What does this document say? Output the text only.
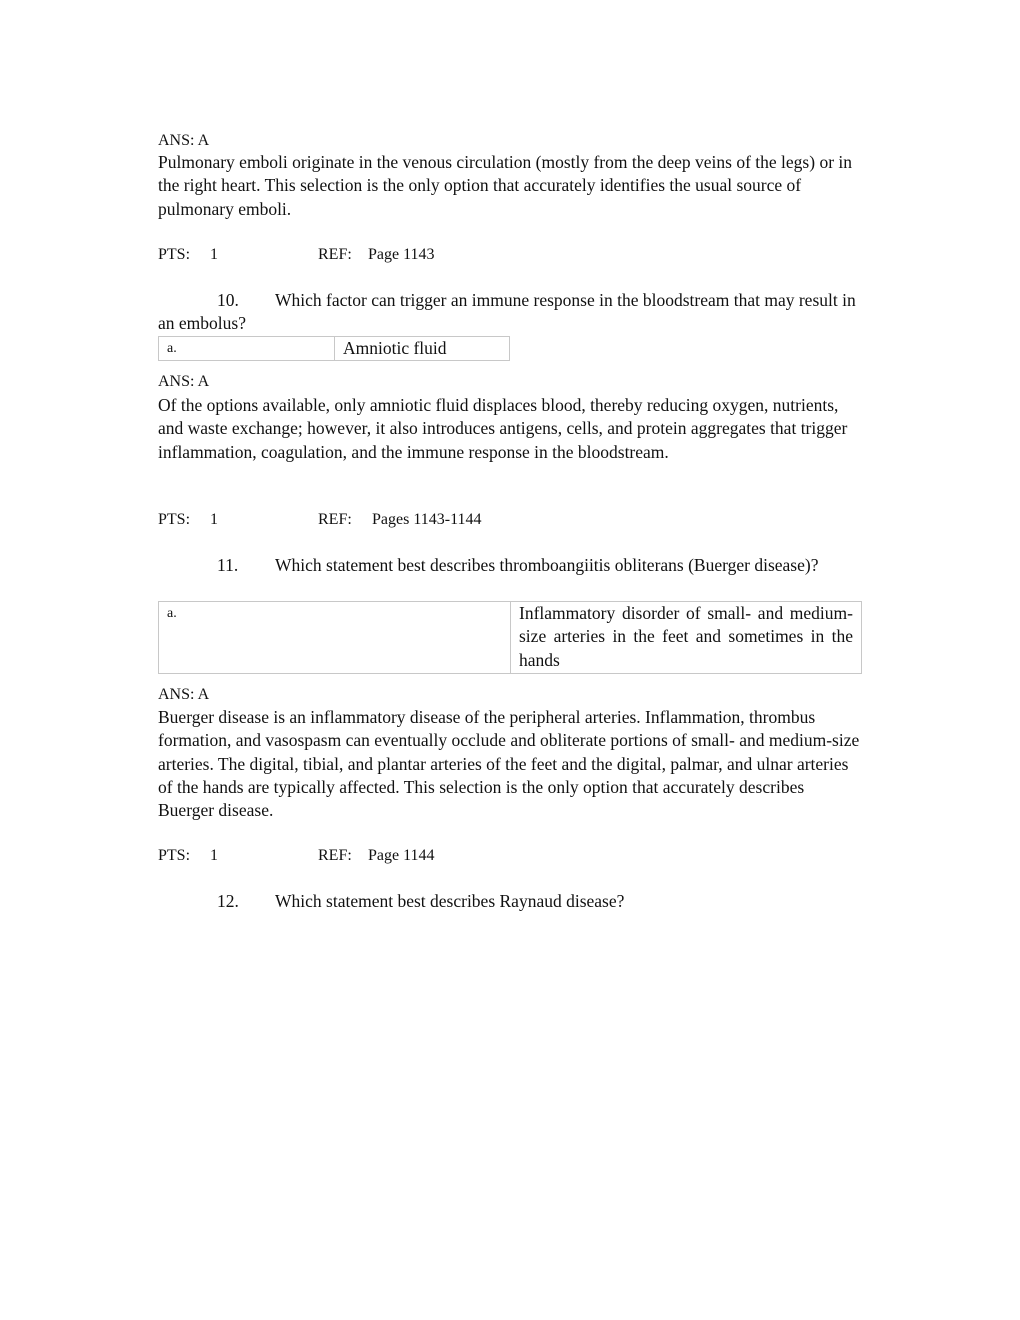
ANS: A
Pulmonary emboli originate in the venous circulation (mostly from the deep veins of the legs) or in the right heart. This selection is the only option that accurately identifies the usual source of pulmonary emboli.
PTS: 1	REF: Page 1143
10. Which factor can trigger an immune response in the bloodstream that may result in an embolus?
a.	Amniotic fluid
ANS: A
Of the options available, only amniotic fluid displaces blood, thereby reducing oxygen, nutrients, and waste exchange; however, it also introduces antigens, cells, and protein aggregates that trigger inflammation, coagulation, and the immune response in the bloodstream.
PTS: 1	REF: Pages 1143-1144
11. Which statement best describes thromboangiitis obliterans (Buerger disease)?
a.	Inflammatory disorder of small- and medium-size arteries in the feet and sometimes in the hands
ANS: A
Buerger disease is an inflammatory disease of the peripheral arteries. Inflammation, thrombus formation, and vasospasm can eventually occlude and obliterate portions of small- and medium-size arteries. The digital, tibial, and plantar arteries of the feet and the digital, palmar, and ulnar arteries of the hands are typically affected. This selection is the only option that accurately describes Buerger disease.
PTS: 1	REF: Page 1144
12. Which statement best describes Raynaud disease?
